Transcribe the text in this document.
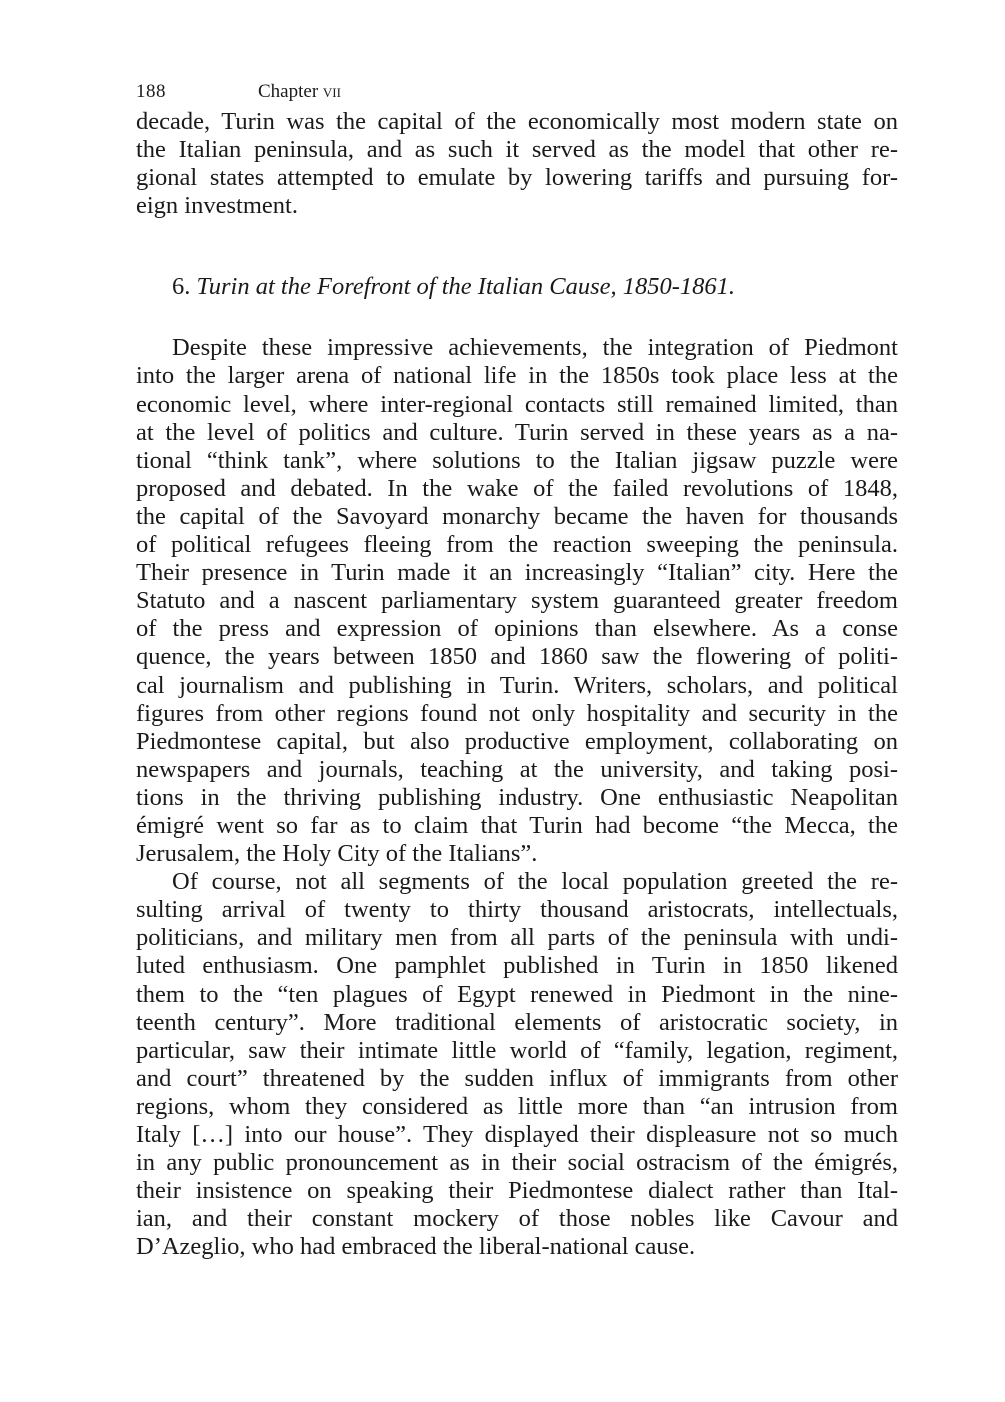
188	Chapter vii
decade, Turin was the capital of the economically most modern state on
the Italian peninsula, and as such it served as the model that other re-
gional states attempted to emulate by lowering tariffs and pursuing for-
eign investment.
6. Turin at the Forefront of the Italian Cause, 1850-1861.
Despite these impressive achievements, the integration of Piedmont
into the larger arena of national life in the 1850s took place less at the
economic level, where inter-regional contacts still remained limited, than
at the level of politics and culture. Turin served in these years as a na-
tional “think tank”, where solutions to the Italian jigsaw puzzle were
proposed and debated. In the wake of the failed revolutions of 1848,
the capital of the Savoyard monarchy became the haven for thousands
of political refugees fleeing from the reaction sweeping the peninsula.
Their presence in Turin made it an increasingly “Italian” city. Here the
Statuto and a nascent parliamentary system guaranteed greater freedom
of the press and expression of opinions than elsewhere. As a conse
quence, the years between 1850 and 1860 saw the flowering of politi-
cal journalism and publishing in Turin. Writers, scholars, and political
figures from other regions found not only hospitality and security in the
Piedmontese capital, but also productive employment, collaborating on
newspapers and journals, teaching at the university, and taking posi-
tions in the thriving publishing industry. One enthusiastic Neapolitan
émigré went so far as to claim that Turin had become “the Mecca, the
Jerusalem, the Holy City of the Italians”.
Of course, not all segments of the local population greeted the re-
sulting arrival of twenty to thirty thousand aristocrats, intellectuals,
politicians, and military men from all parts of the peninsula with undi-
luted enthusiasm. One pamphlet published in Turin in 1850 likened
them to the “ten plagues of Egypt renewed in Piedmont in the nine-
teenth century”. More traditional elements of aristocratic society, in
particular, saw their intimate little world of “family, legation, regiment,
and court” threatened by the sudden influx of immigrants from other
regions, whom they considered as little more than “an intrusion from
Italy […] into our house”. They displayed their displeasure not so much
in any public pronouncement as in their social ostracism of the émigrés,
their insistence on speaking their Piedmontese dialect rather than Ital-
ian, and their constant mockery of those nobles like Cavour and
D’Azeglio, who had embraced the liberal-national cause.
